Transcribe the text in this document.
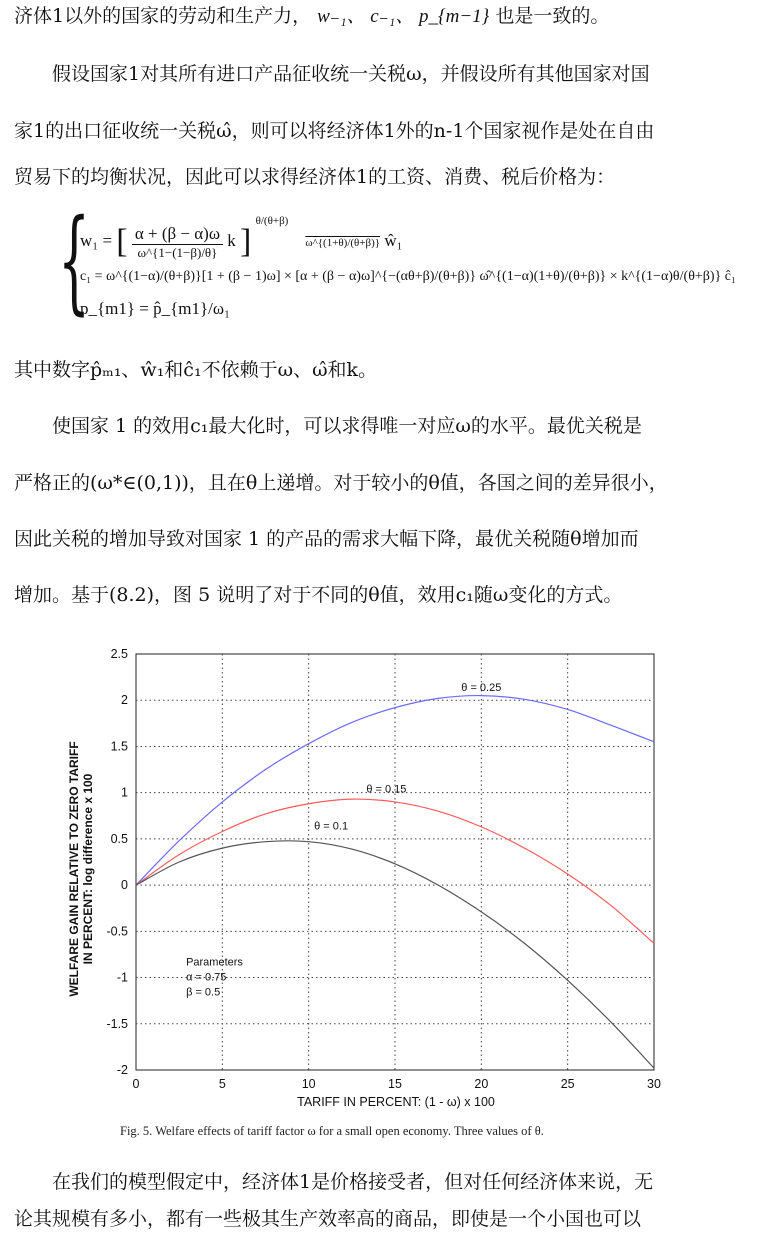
济体1以外的国家的劳动和生产力， w₋₁、 c₋₁、 p_{m−1} 也是一致的。

假设国家1对其所有进口产品征收统一关税ω，并假设所有其他国家对国

家1的出口征收统一关税ω̂，则可以将经济体1外的n-1个国家视作是处在自由

贸易下的均衡状况，因此可以求得经济体1的工资、消费、税后价格为：

{
w₁ = [ $\frac{\alpha + (\beta - \alpha)\omega}{\omega\^{}\{1-(1-\beta)/\theta\}}$ k ] $^{\theta/(\theta+\beta)}$    ω^{(1+θ)/(θ+β)} ŵ₁
c₁ = ω^{(1−α)/(θ+β)}[1 + (β − 1)ω] × [α + (β − α)ω]^{−(αθ+β)/(θ+β)} ω̂^{(1−α)(1+θ)/(θ+β)} × k^{(1−α)θ/(θ+β)} ĉ₁
p_{m1} = p̂_{m1}/ω₁

其中数字p̂ₘ₁、ŵ₁和ĉ₁不依赖于ω、ω̂和k。

使国家 1 的效用c₁最大化时，可以求得唯一对应ω的水平。最优关税是

严格正的(ω*∈(0,1))，且在θ上递增。对于较小的θ值，各国之间的差异很小，

因此关税的增加导致对国家 1 的产品的需求大幅下降，最优关税随θ增加而

增加。基于(8.2)，图 5 说明了对于不同的θ值，效用c₁随ω变化的方式。

θ = 0.25
θ = 0.15
θ = 0.1
0	5	10	15	20	25	30
2.5
2
1.5
1
0.5
0
-0.5
-1
-1.5
-2
TARIFF IN PERCENT: (1 - ω) x 100
WELFARE GAIN RELATIVE TO ZERO TARIFF IN PERCENT: log difference x 100	Parameters
α = 0.75
β = 0.5
Fig. 5. Welfare effects of tariff factor ω for a small open economy. Three values of θ.

在我们的模型假定中，经济体1是价格接受者，但对任何经济体来说，无

论其规模有多小，都有一些极其生产效率高的商品，即使是一个小国也可以
